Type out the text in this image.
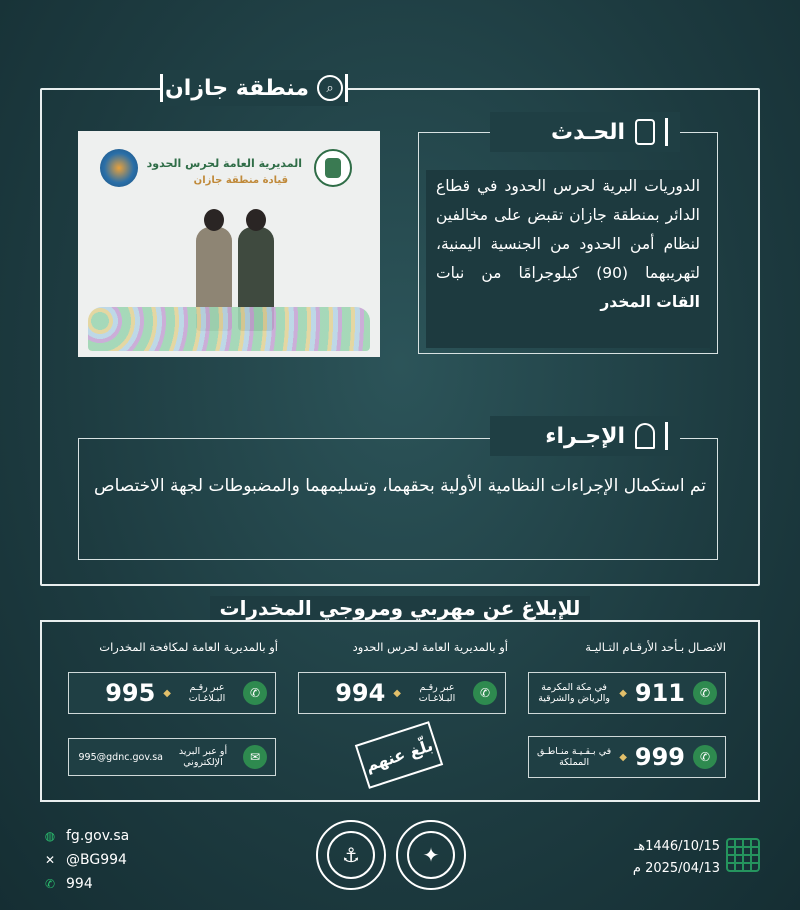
⌕
منطقة جازان
المديرية العامة لحرس الحدود
قيادة منطقة جازان
الحـدث
الدوريات البرية لحرس الحدود في قطاع الدائر بمنطقة جازان تقبض على مخالفين لنظام أمن الحدود من الجنسية اليمنية، لتهريبهما (90) كيلوجرامًا من نبات القات المخدر
الإجـراء
تم استكمال الإجراءات النظامية الأولية بحقهما، وتسليمهما والمضبوطات لجهة الاختصاص
للإبلاغ عن مهربي ومروجي المخدرات
الاتصـال بـأحد الأرقـام التـاليـة
أو بالمديرية العامة لحرس الحدود
أو بالمديرية العامة لمكافحة المخدرات
✆
911
◆
في مكة المكرمة والرياض والشرقية
✆
999
◆
في بـقـيـة منـاطـق المملكة
✆
عبر رقـم البـلاغـات
◆
994
✆
عبر رقـم البـلاغـات
◆
995
✉
أو عبر البريد الإلكتروني
995@gdnc.gov.sa	بلّغ عنهم
◍ fg.gov.sa
✕ @BG994
✆ 994
⚓	✦	1446/10/15هـ
2025/04/13 م
